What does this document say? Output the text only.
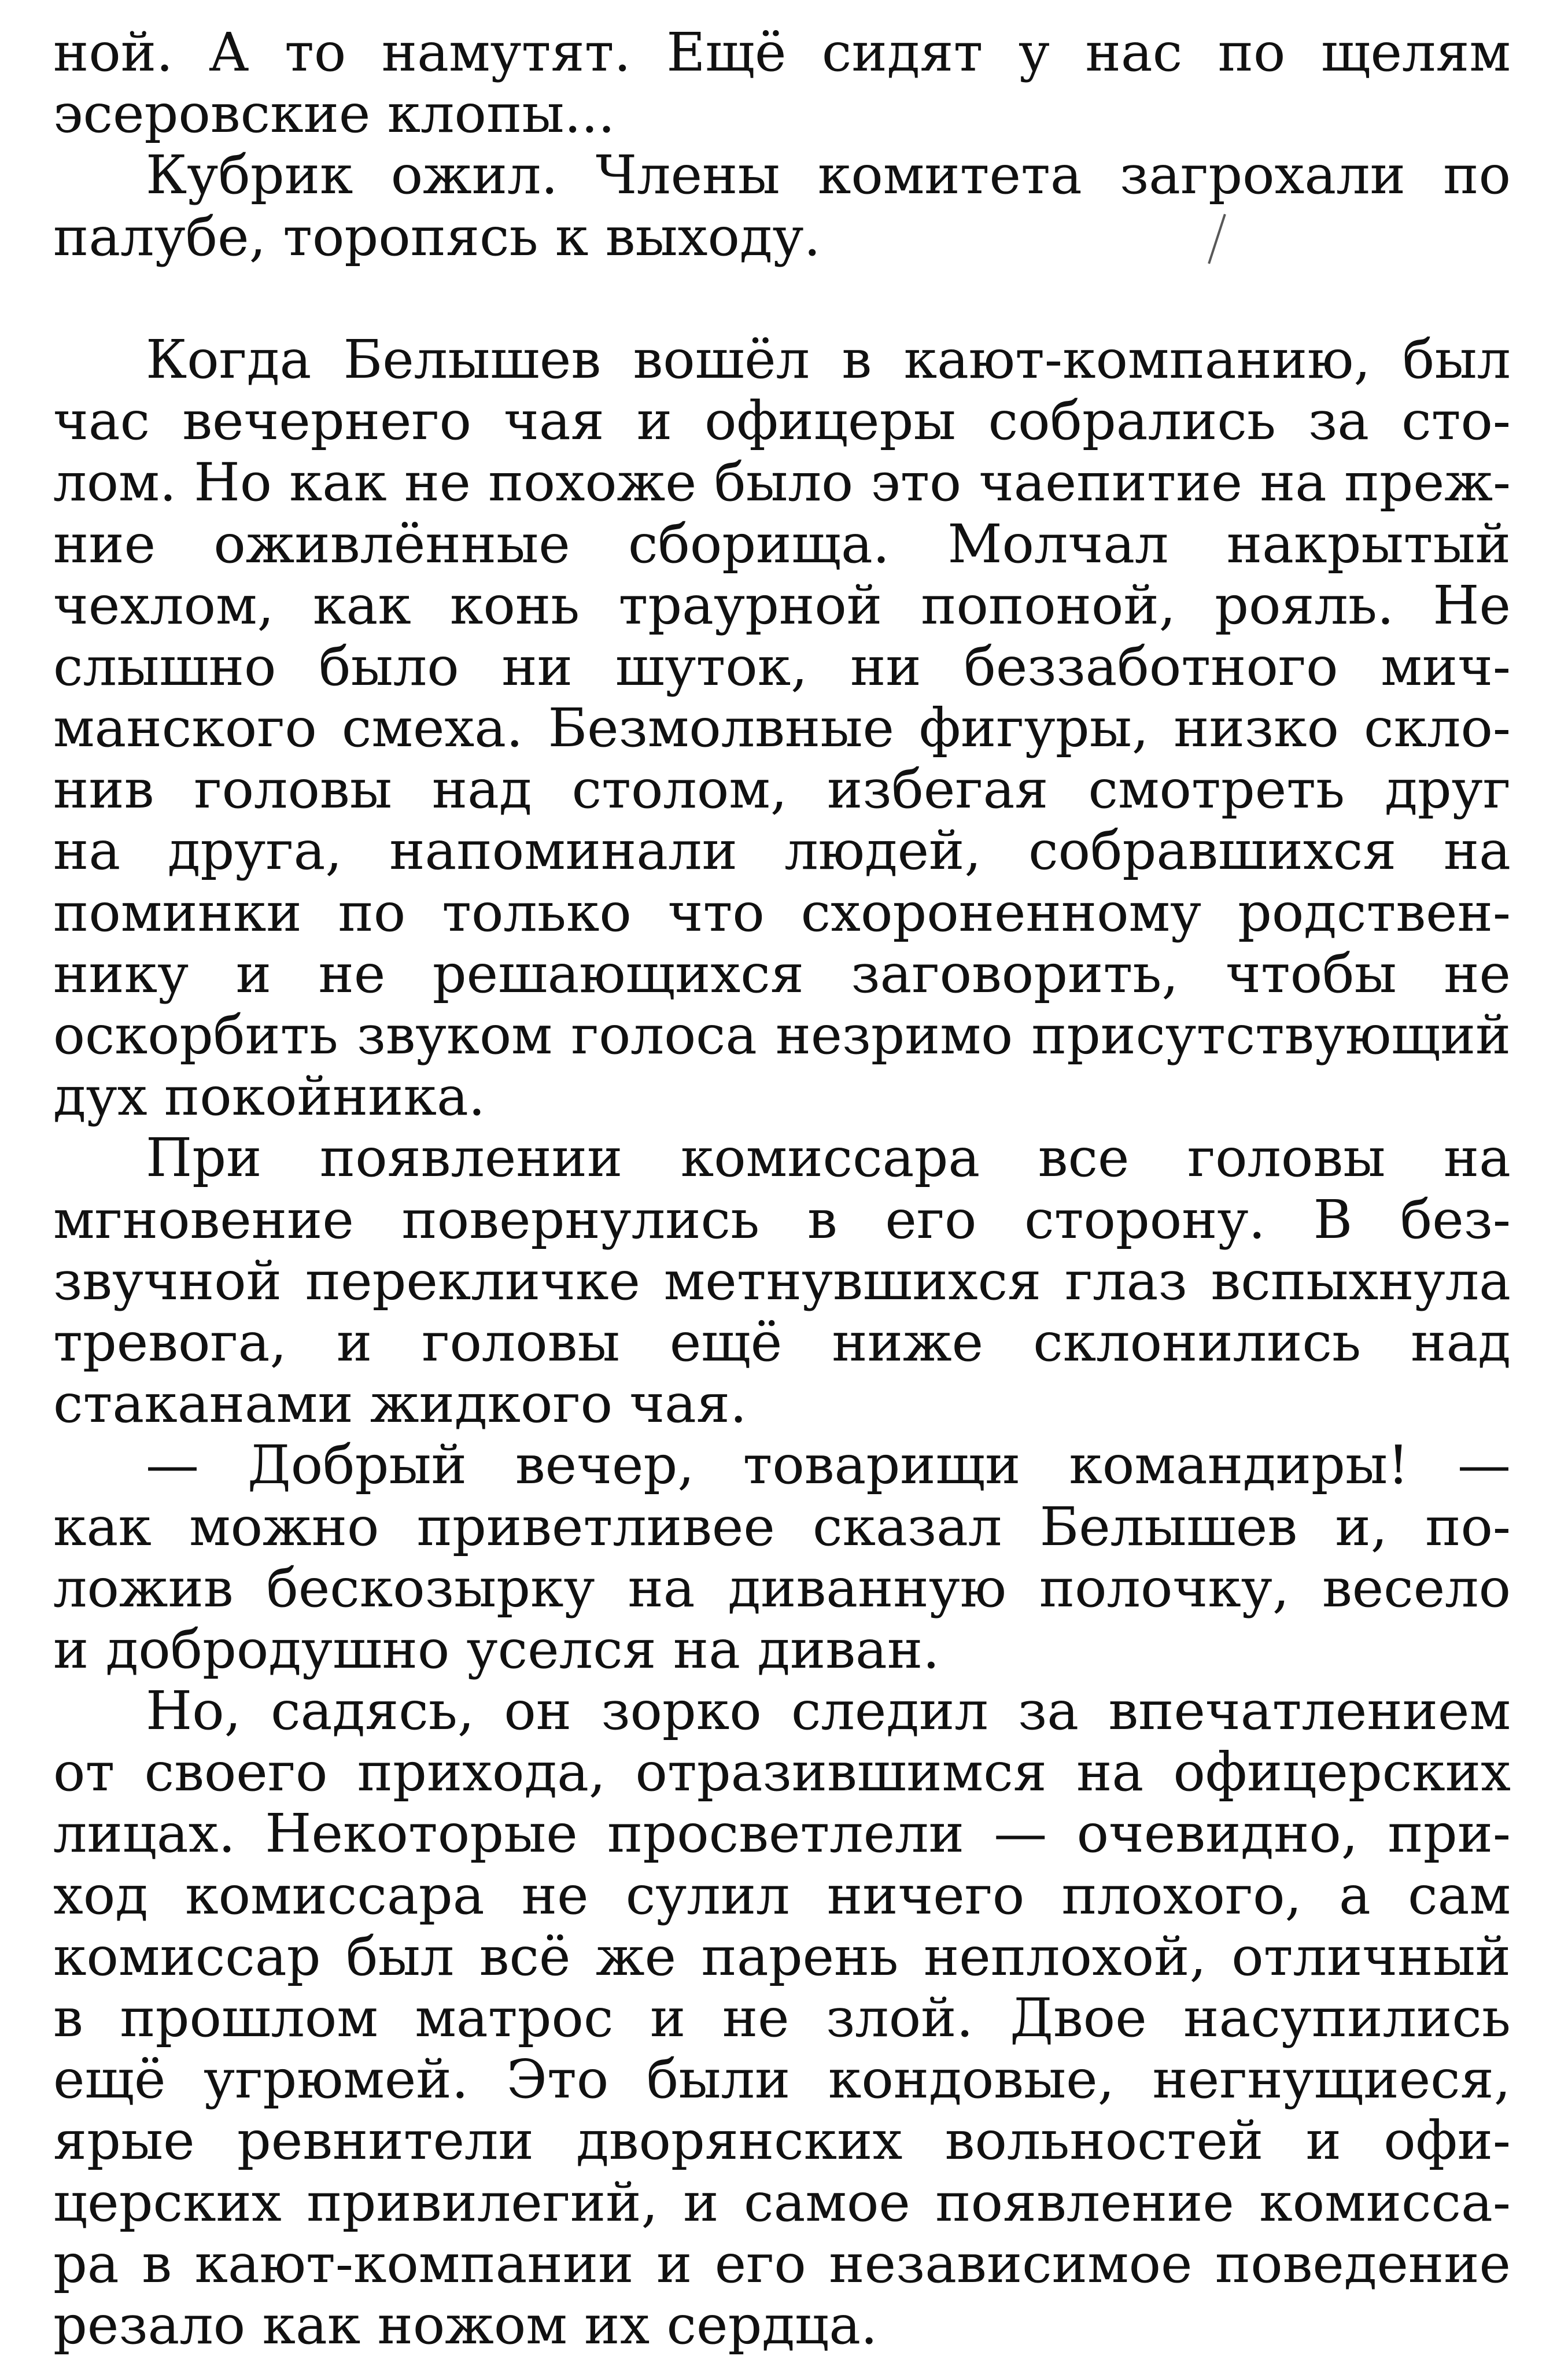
ной. А то намутят. Ещё сидят у нас по щелям
эсеровские клопы...
Кубрик ожил. Члены комитета загрохали по
палубе, торопясь к выходу.
Когда Белышев вошёл в кают-компанию, был
час вечернего чая и офицеры собрались за сто-
лом. Но как не похоже было это чаепитие на преж-
ние оживлённые сборища. Молчал накрытый
чехлом, как конь траурной попоной, рояль. Не
слышно было ни шуток, ни беззаботного мич-
манского смеха. Безмолвные фигуры, низко скло-
нив головы над столом, избегая смотреть друг
на друга, напоминали людей, собравшихся на
поминки по только что схороненному родствен-
нику и не решающихся заговорить, чтобы не
оскорбить звуком голоса незримо присутствующий
дух покойника.
При появлении комиссара все головы на
мгновение повернулись в его сторону. В без-
звучной перекличке метнувшихся глаз вспыхнула
тревога, и головы ещё ниже склонились над
стаканами жидкого чая.
— Добрый вечер, товарищи командиры! —
как можно приветливее сказал Белышев и, по-
ложив бескозырку на диванную полочку, весело
и добродушно уселся на диван.
Но, садясь, он зорко следил за впечатлением
от своего прихода, отразившимся на офицерских
лицах. Некоторые просветлели — очевидно, при-
ход комиссара не сулил ничего плохого, а сам
комиссар был всё же парень неплохой, отличный
в прошлом матрос и не злой. Двое насупились
ещё угрюмей. Это были кондовые, негнущиеся,
ярые ревнители дворянских вольностей и офи-
церских привилегий, и самое появление комисса-
ра в кают-компании и его независимое поведение
резало как ножом их сердца.
